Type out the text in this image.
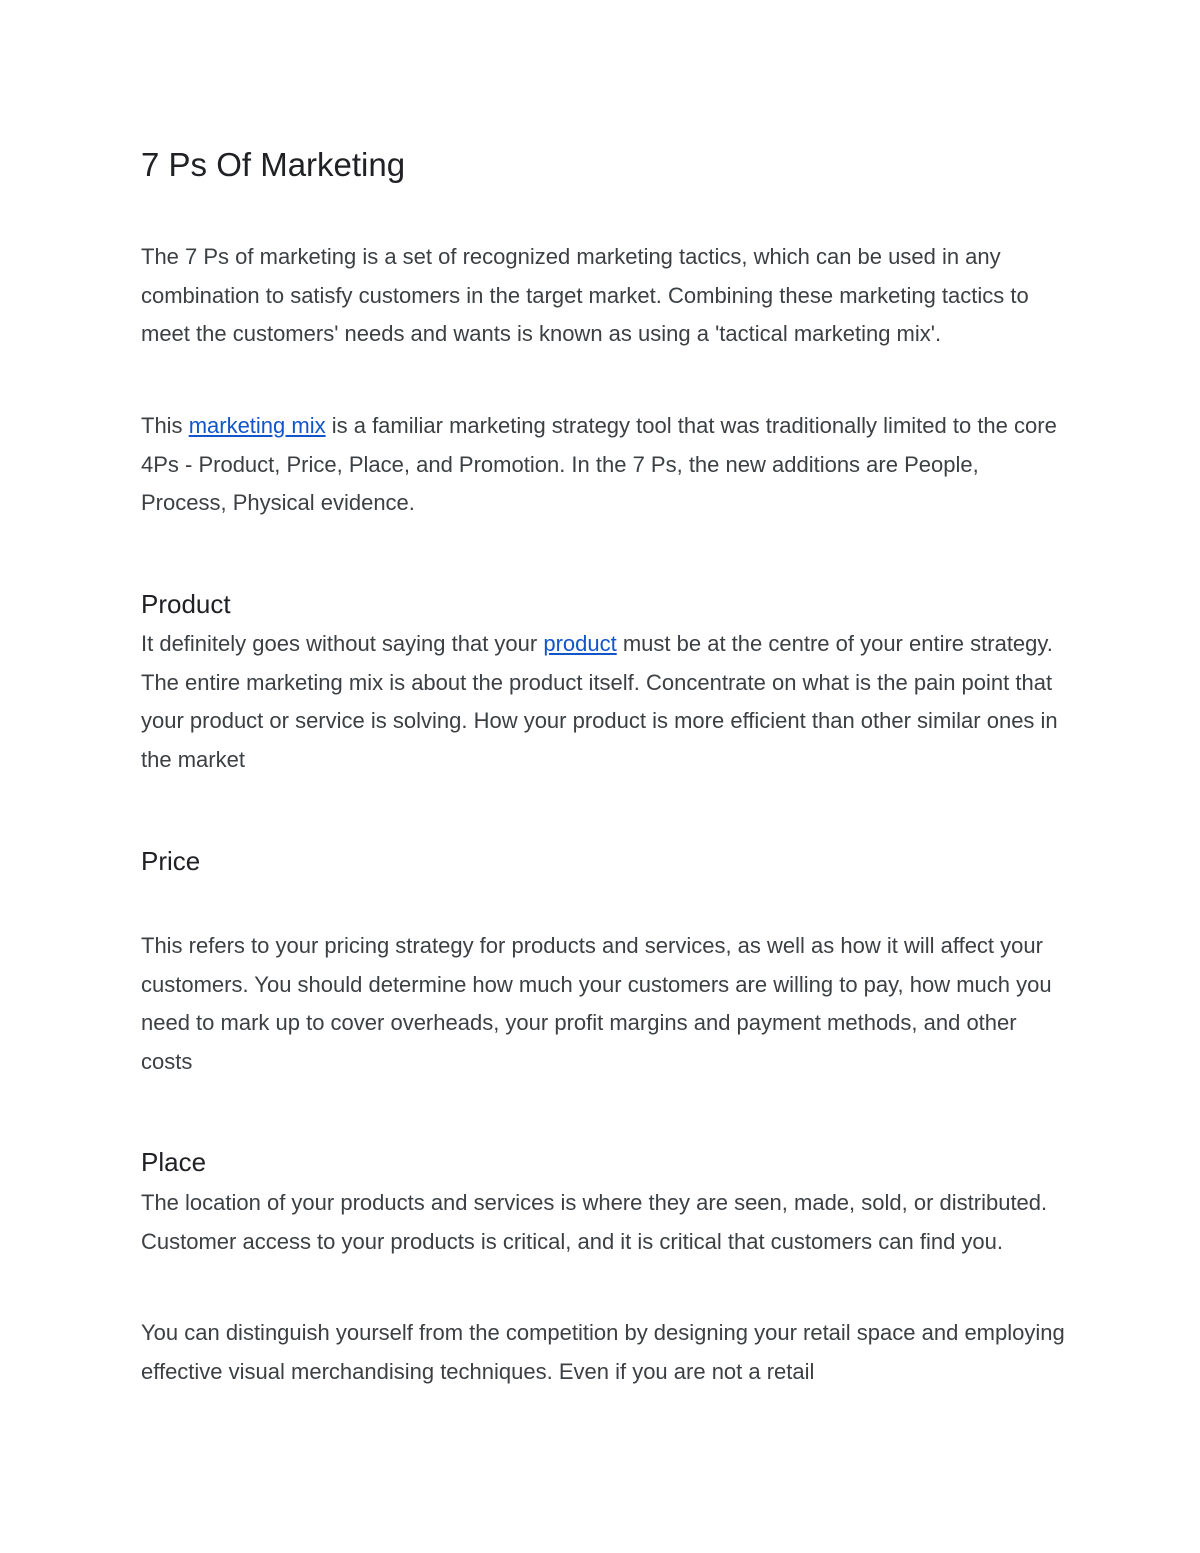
7 Ps Of Marketing

The 7 Ps of marketing is a set of recognized marketing tactics, which can be used in any combination to satisfy customers in the target market. Combining these marketing tactics to meet the customers' needs and wants is known as using a 'tactical marketing mix'.

This marketing mix is a familiar marketing strategy tool that was traditionally limited to the core 4Ps - Product, Price, Place, and Promotion. In the 7 Ps, the new additions are People, Process, Physical evidence.

Product

It definitely goes without saying that your product must be at the centre of your entire strategy. The entire marketing mix is about the product itself. Concentrate on what is the pain point that your product or service is solving. How your product is more efficient than other similar ones in the market

Price

This refers to your pricing strategy for products and services, as well as how it will affect your customers. You should determine how much your customers are willing to pay, how much you need to mark up to cover overheads, your profit margins and payment methods, and other costs

Place

The location of your products and services is where they are seen, made, sold, or distributed. Customer access to your products is critical, and it is critical that customers can find you.

You can distinguish yourself from the competition by designing your retail space and employing effective visual merchandising techniques. Even if you are not a retail
